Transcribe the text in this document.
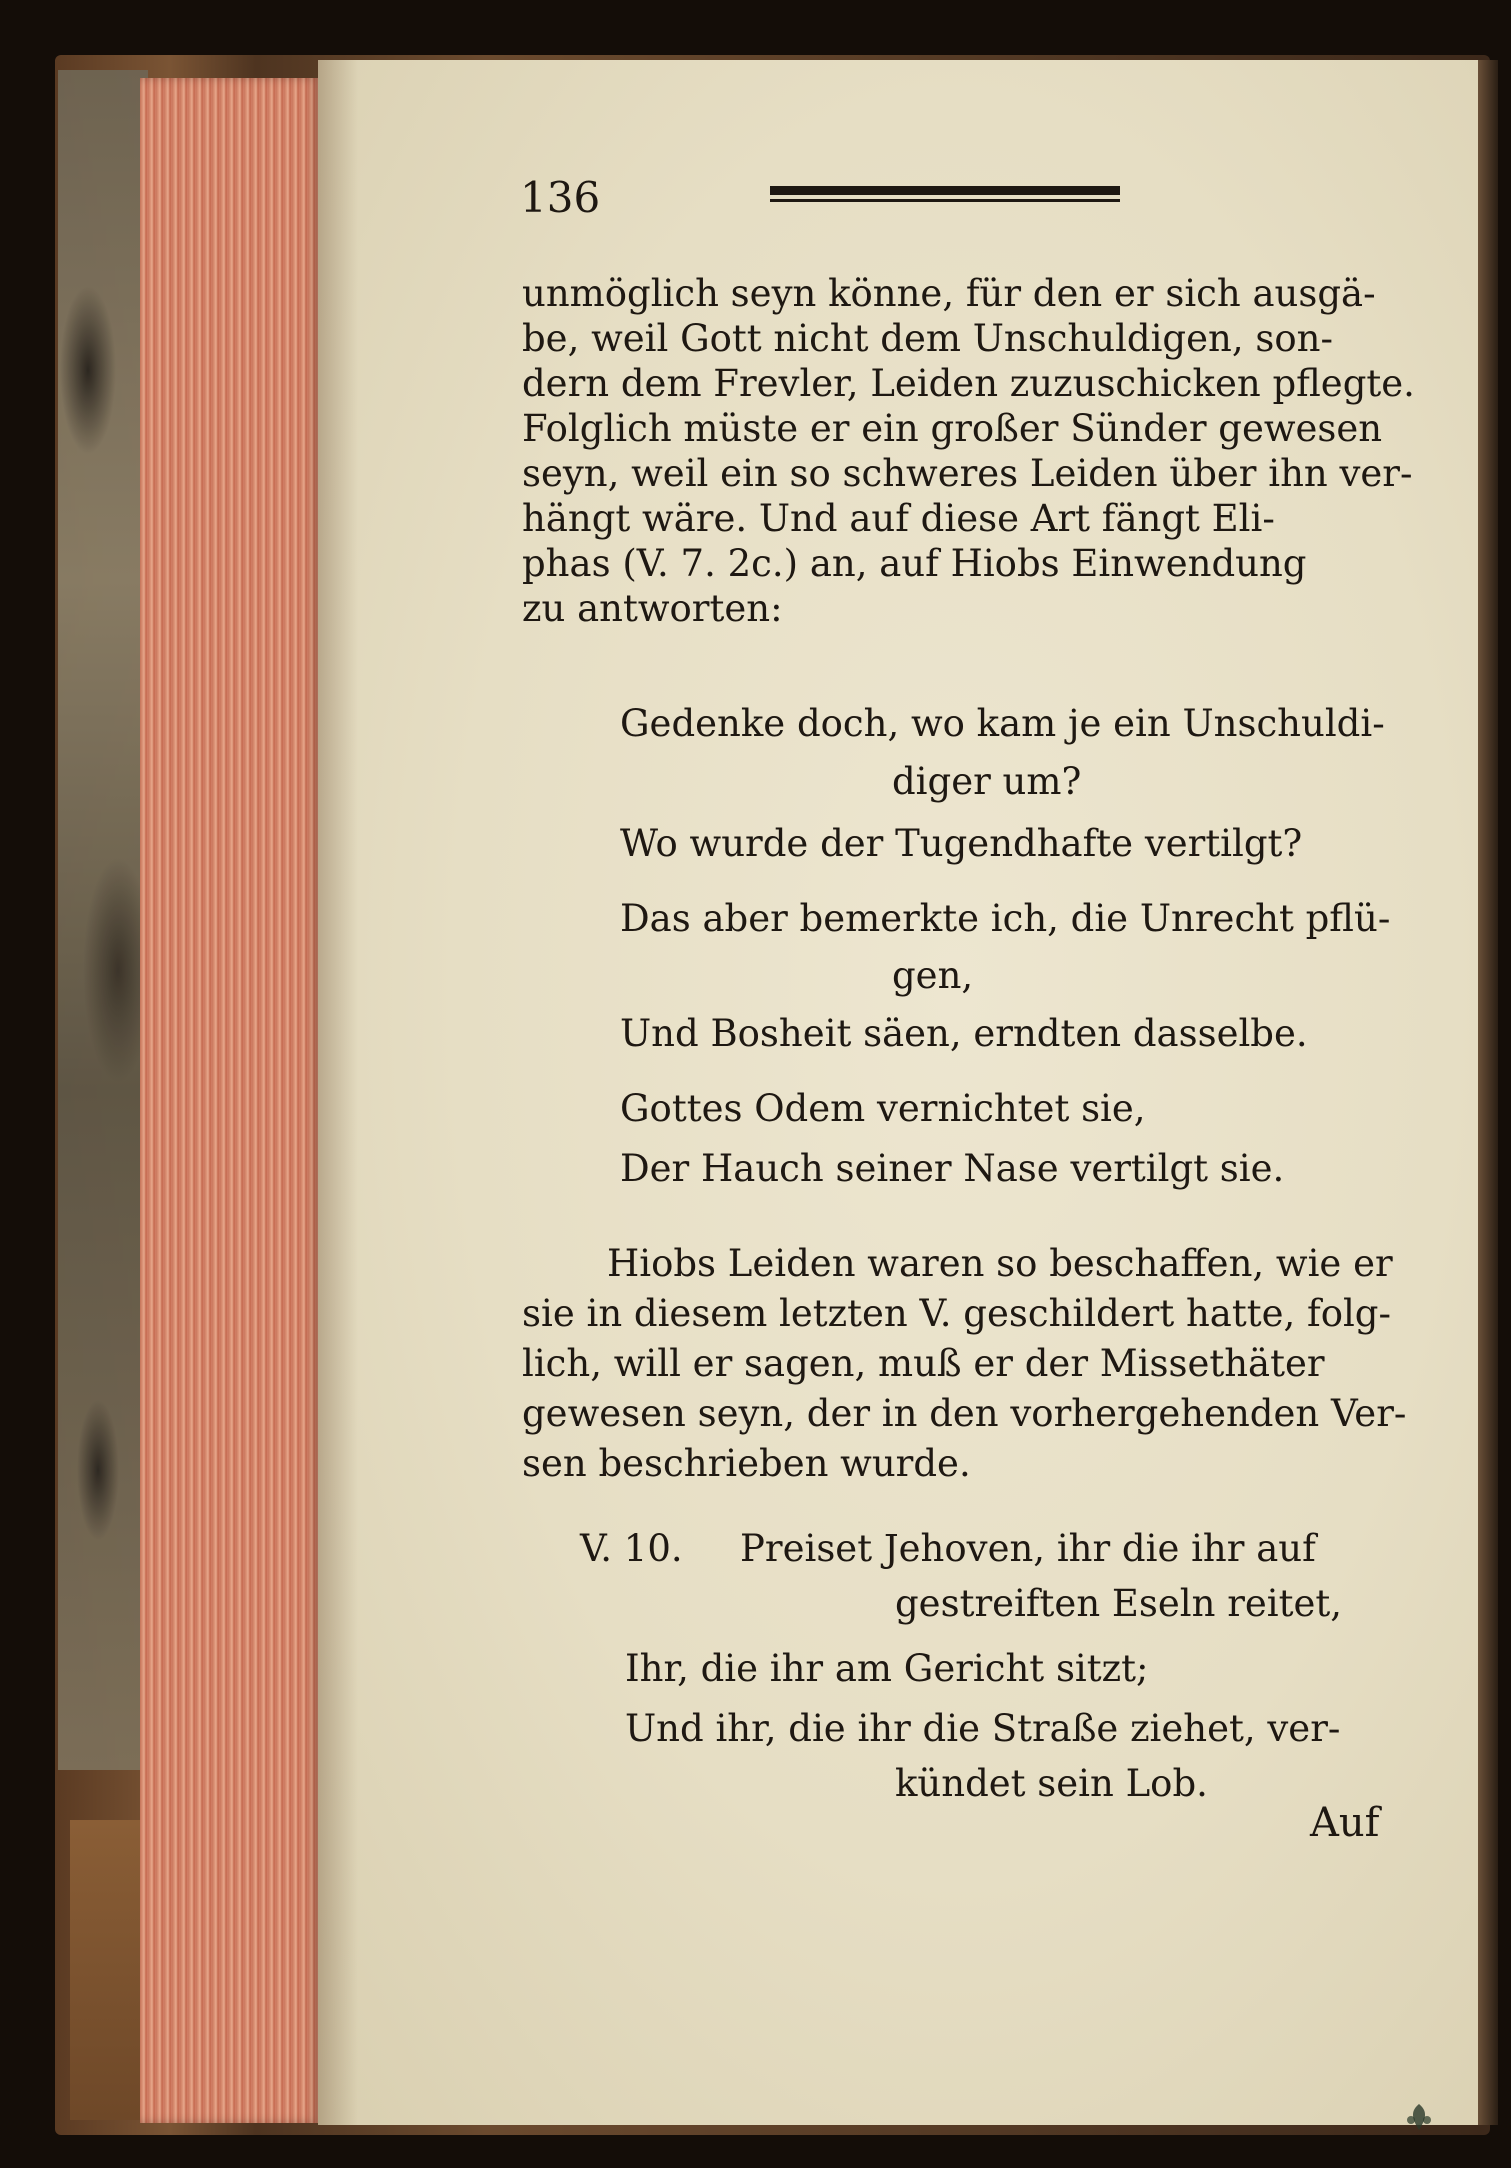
136
unmöglich seyn könne, für den er sich ausgä-
be, weil Gott nicht dem Unschuldigen, son-
dern dem Frevler, Leiden zuzuschicken pflegte.
Folglich müste er ein großer Sünder gewesen
seyn, weil ein so schweres Leiden über ihn ver-
hängt wäre. Und auf diese Art fängt Eli-
phas (V. 7. 2c.) an, auf Hiobs Einwendung
zu antworten:
Gedenke doch, wo kam je ein Unschuldi-
diger um?
Wo wurde der Tugendhafte vertilgt?
Das aber bemerkte ich, die Unrecht pflü-
gen,
Und Bosheit säen, erndten dasselbe.
Gottes Odem vernichtet sie,
Der Hauch seiner Nase vertilgt sie.
Hiobs Leiden waren so beschaffen, wie er
sie in diesem letzten V. geschildert hatte, folg-
lich, will er sagen, muß er der Missethäter
gewesen seyn, der in den vorhergehenden Ver-
sen beschrieben wurde.
V. 10. Preiset Jehoven, ihr die ihr auf
gestreiften Eseln reitet,
Ihr, die ihr am Gericht sitzt;
Und ihr, die ihr die Straße ziehet, ver-
kündet sein Lob.
Auf
